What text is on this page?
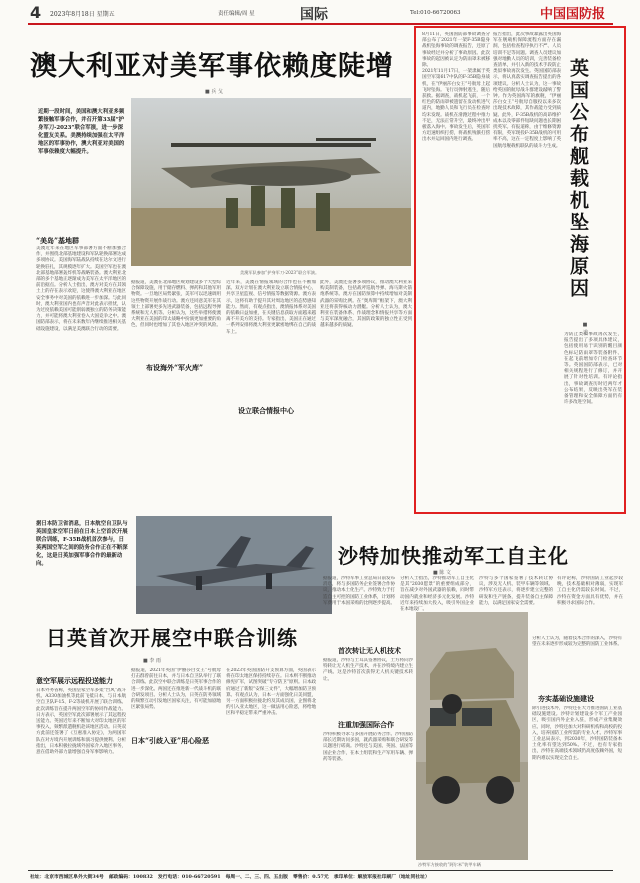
4 2023年8月18日 星期五	责任编辑/周 星	国际	Tel:010-66720063	中国国防报
澳大利亚对美军事依赖度陡增
■ 兵 戈
近期一段时间，美国和澳大利亚多频繁接触军事合作，并召开第33届“护身军刀-2023”联合军演，进一步深化盟友关系。美澳持续加强在太平洋地区的军事协作，澳大利亚对美国的军事依赖度大幅提升。
美澳军队参加“护身军刀-2023”联合军演。
“美岛”基地群
美澳近年来在地区军事部署方面不断加强合作，并围绕北部基地建设和军队轮换部署达成多项协议。美国海军陆战队持续在达尔文进行轮换驻扎，其规模逐年扩大。美国空军也在澳北部基地部署轰炸机等战略装备。澳大利亚北部的多个基地正逐渐成为美军在太平洋地区的前沿据点。分析人士指出，澳方对美方在其领土上的存在表示欢迎，这使得澳大利亚在地区安全事务中对美国的依赖进一步加深。与此同时，澳大利亚国内也有声音对此表示担忧，认为过度依赖美国可能削弱澳独立的防务决策能力，并可能将澳大利亚卷入大国竞争之中。澳国防部表示，将在未来数年内继续推进相关基础设施建设，以满足美澳联合行动的需要。
据报道，美澳在北部地区规划建设多个大型综合保障设施，用于储存燃料、弹药和其他军用物资。一旦地区局势紧张，美军可以迅速调用这些物资开展作战行动。澳方还同意美军在其领土上部署更多先进武器装备，包括远程导弹系统和无人机等。分析认为，这些举措将使澳大利亚在美国的印太战略中扮演更加重要的角色，但同时也增加了其卷入地区冲突的风险。
布设海外“军火库”
近年来，美澳在情报领域的合作也在不断加深。双方计划在澳大利亚设立联合情报中心，共享卫星监视、信号情报等数据资源。澳方表示，这将有助于提升其对周边地区的态势感知能力。然而，有观点指出，澳情报体系对美国的依赖日益加重，在关键信息获取方面越来越离不开美方的支持。专家指出，美国正在通过一系列安排将澳大利亚更紧密地绑在自己的战车上。
设立联合情报中心
此外，美澳还签署多项协议，推动澳大利亚采购美制装备，包括战斧巡航导弹、海马斯火箭炮系统等。澳方在国防预算中持续增加对美制武器的采购比例。在“奥库斯”框架下，澳大利亚还将获得核动力潜艇。分析人士认为，澳大利亚在装备体系、作战理念和情报共享等方面与美军深度融合，其国防政策的独立性正受到越来越多的质疑。
英国公布舰载机坠海原因
■ 道
8月11日，英国国防部事故调查分部公布了2021年一架F-35B隐身战机坠海事故的调查报告，还原了事故经过并分析了事故原因。此次事故的起因被认定为防雨罩未被移除。
2021年11月17日，一架隶属于英国空军第617中队的F-35B隐身战机，在“伊丽莎白女王”号航母上起飞时坠海。飞行员弹射逃生，随后获救。据调查，战机起飞前，一个红色的防雨罩被遗留在发动机进气道内，地勤人员和飞行员在检查时均未发现。战机在滑跑过程中推力不足，无法正常升空，最终冲出甲板落入海中。事故发生后，英国军方迅速组织打捞，将战机残骸打捞出水并运回国内进行调查。
报告指出，此次事故暴露出英国海军在舰载机保障流程方面存在漏洞，包括检查程序执行不严、人员培训不足等问题。调查人员建议加强对地勤人员的培训，完善装备检查清单，并引入新的技术手段防止类似事故再次发生。英国国防部表示，将认真落实调查报告提出的各项建议。分析人士认为，这一事故给英国的航母战斗群建设敲响了警钟。作为英国海军的旗舰，“伊丽莎白女王”号航母自服役以来多次出现技术故障，其作战能力受到质疑。此外，F-35B战机的高昂维护成本以及零部件短缺问题也长期困扰英军。有报道称，由于维修资源有限，英军现役F-35B战机的可用率不高，这在一定程度上影响了英国航母舰载机联队的战斗力生成。
为防止类似事故再次发生，报告提出了多项具体建议，包括使用易于识别的醒目颜色标记防雨罩等装备附件、在起飞前增加专门检查环节等。英国国防部表示，已对相关规程进行了修订，并开展了针对性培训。有评论指出，事故调查历时近两年才公布结果，反映出英军在装备管理和安全保障方面仍有许多改进空间。
沙特加快推动军工自主化
■ 陈 文
据日本防卫省消息，日本航空自卫队与英国皇家空军日前在日本上空首次开展联合训练，F-35B战机首次参与，日英两国空军之间的防务合作正在不断深化，这是日英加强军事合作的最新动向。
据报道，沙特军事工业总局日前发布消息，将与多国防务企业签署合作协议，推动本土化生产。沙特致力于打造自主可控的国防工业体系，计划将军费用于本国采购的比例逐步提高。
分析人士指出，沙特推动军工自主化是其“2030愿景”的重要组成部分，旨在减少对外国武器的依赖，同时带动国内就业和经济多元化发展。沙特近年来持续加大投入，吸引外国企业在本地设厂。
沙特与多个国家签署了技术转让协议，涉及无人机、装甲车辆等领域。沙特军方还表示，将逐步建立完整的研发和生产链条，提升装备自主保障能力，以满足国家安全需要。
有评论称，沙特国防工业起步较晚，技术基础相对薄弱，实现军工自主化仍需较长时间。不过，沙特在资金方面具有优势，并在积极寻求国际合作。
日英首次开展空中联合训练
■ 李 雨
意空军展示远程投送能力
日本外务省称，英国皇家空军多架“台风”战斗机、A330加油机等此前飞抵日本，与日本航空自卫队F-15、F-2等战机开展了联合训练。此次训练旨在提升两国空军的协同作战能力。日方表示，英国空军此次部署展示了其远程投送能力。英国近年来不断加大对印太地区的军事投入，频繁派遣舰机赴该地区活动。日英双方此前还签署了《互惠准入协定》，为两国军队在对方境内开展训练和演习提供便利。分析指出，日本积极拉拢域外国家介入地区事务，意在借助外部力量增强自身军事影响力。
据报道，2021年英国“伊丽莎白女王”号航母打击群曾前往日本，并与日本自卫队举行了联合训练。此次空中联合训练是日英军事合作的进一步深化。两国还在推进新一代战斗机的联合研发项目。分析人士认为，日英在防务领域的频繁互动引发地区国家关注，有可能加剧地区紧张局势。
日本“引歧入亚”用心险恶
在2023年英国国防开支预算方面，英国表示将在印太地区保持持续存在。日本则不断推动修宪扩军，试图突破“专守防卫”原则。日本政府通过了新版“安保三文件”，大幅增加防卫预算。有观点认为，日本一方面强化日美同盟，另一方面积极拉拢北约及其成员国，企图将北约引入亚太地区，这一做法用心险恶，将给地区和平稳定带来严重冲击。
首次转让无人机技术
据报道，沙特与土耳其签署协议，土方将向沙特转让无人机生产技术，并在沙特境内建立生产线。这是沙特首次获得无人机关键技术转让。
注重加强国际合作
沙特积极寻求与多国开展防务合作。沙特国防部长近期访问多国，就武器采购和联合研发等议题进行磋商。沙特还与美国、英国、法国等国企业合作，在本土组装和生产军用车辆、弹药等装备。
沙特军方接收的“阿尔米”装甲车辆
夯实基础设施建设
分析人士认为，随着技术合作的深入，沙特有望在未来逐步形成较为完整的国防工业体系。
除引进技术外，沙特还在大力推进国防工业基础设施建设。沙特计划建设多个军工产业园区，吸引国内外企业入驻，形成产业集聚效应。同时，沙特还加大对科研机构和高校的投入，培养国防工业所需的专业人才。沙特军事工业总局表示，到2030年，沙特国防装备本土化率有望达到50%。不过，也有专家指出，沙特在高端技术领域仍高度依赖外国，短期内难以实现完全自主。
社址：北京市西城区阜外大街34号 邮政编码：100832 发行电话：010-66720591 每周一、二、三、四、五出版 零售价：0.57元 承印单位：解放军报社印刷厂（地址同社址）
